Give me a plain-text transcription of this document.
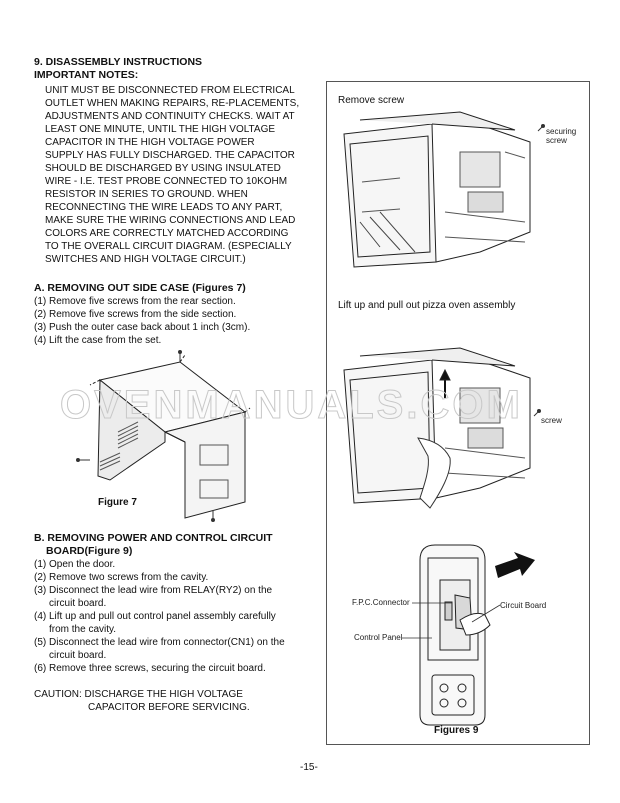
9. DISASSEMBLY INSTRUCTIONS
IMPORTANT NOTES:
UNIT MUST BE DISCONNECTED FROM ELECTRICAL
OUTLET WHEN MAKING REPAIRS, RE-PLACEMENTS,
ADJUSTMENTS AND CONTINUITY CHECKS. WAIT AT
LEAST ONE MINUTE, UNTIL THE HIGH VOLTAGE
CAPACITOR IN THE HIGH VOLTAGE POWER
SUPPLY HAS FULLY DISCHARGED. THE CAPACITOR
SHOULD BE DISCHARGED BY USING INSULATED
WIRE - I.E. TEST PROBE CONNECTED TO 10KOHM
RESISTOR IN SERIES TO GROUND. WHEN
RECONNECTING THE WIRE LEADS TO ANY PART,
MAKE SURE THE WIRING CONNECTIONS AND LEAD
COLORS ARE CORRECTLY MATCHED ACCORDING
TO THE OVERALL CIRCUIT DIAGRAM. (ESPECIALLY
SWITCHES AND HIGH VOLTAGE CIRCUIT.)
A. REMOVING OUT SIDE CASE (Figures 7)
(1) Remove five screws from the rear section.
(2) Remove five screws from the side section.
(3) Push the outer case back about 1 inch (3cm).
(4) Lift the case from the set.
Figure 7
B. REMOVING POWER AND CONTROL CIRCUIT
BOARD(Figure 9)
(1) Open the door.
(2) Remove two screws from the cavity.
(3) Disconnect the lead wire from RELAY(RY2) on the
circuit board.
(4) Lift up and pull out control panel assembly carefully
from the cavity.
(5) Disconnect the lead wire from connector(CN1) on the
circuit board.
(6) Remove three screws, securing the circuit board.
CAUTION: DISCHARGE THE HIGH VOLTAGE
CAPACITOR BEFORE SERVICING.
Remove screw
securing
screw
Lift up and pull out pizza oven assembly
screw
OVENMANUALS.COM
F.P.C.Connector	Circuit Board
Control Panel
Figures 9
-15-
